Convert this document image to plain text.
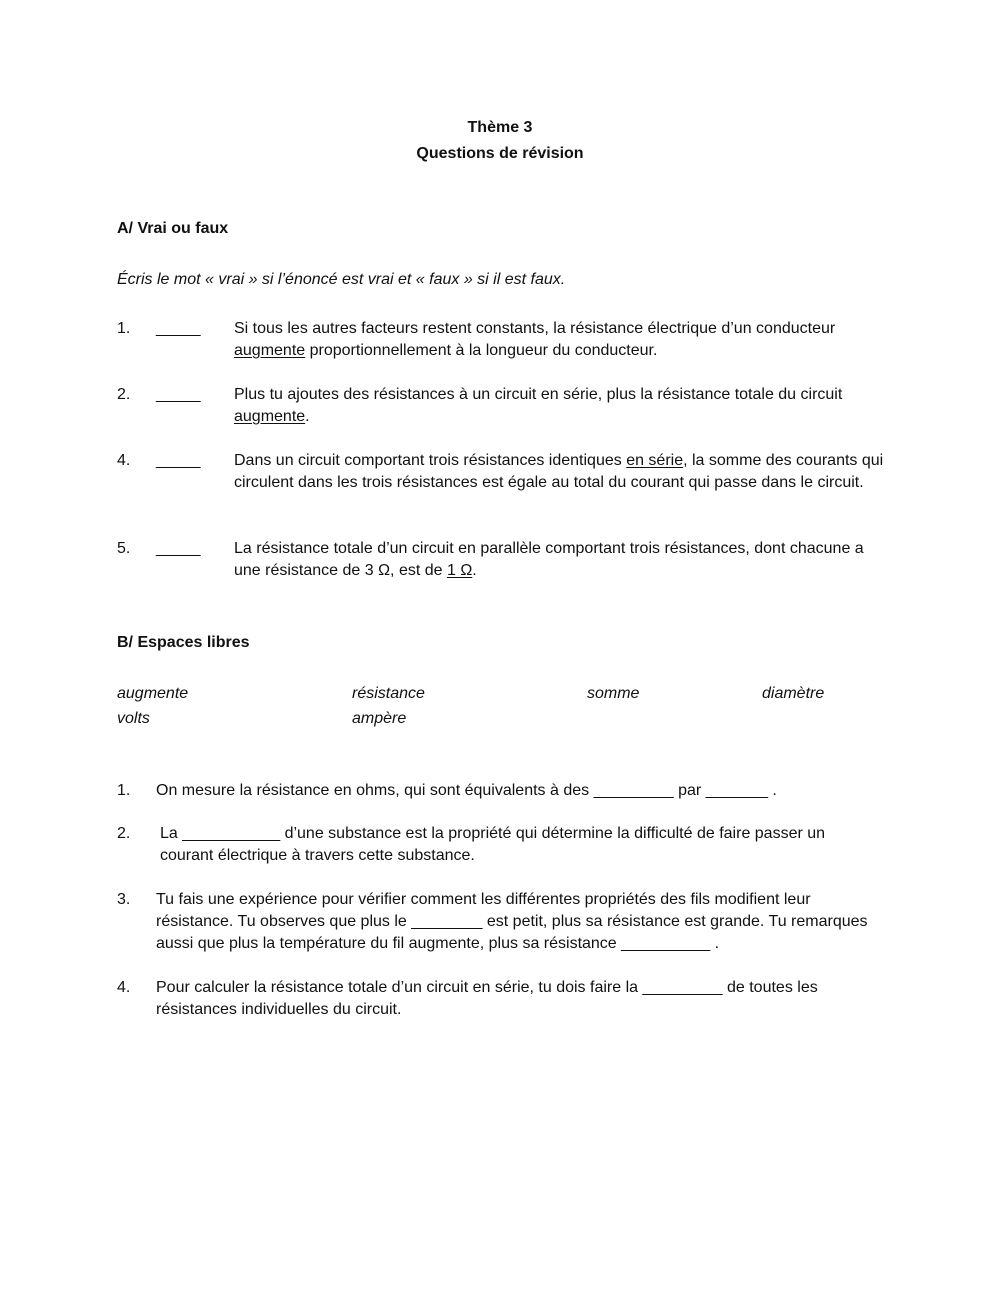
Thème 3
Questions de révision
A/ Vrai ou faux
Écris le mot « vrai » si l’énoncé est vrai et « faux » si il est faux.
1. _____ Si tous les autres facteurs restent constants, la résistance électrique d’un conducteur augmente proportionnellement à la longueur du conducteur.
2. _____ Plus tu ajoutes des résistances à un circuit en série, plus la résistance totale du circuit augmente.
4. _____ Dans un circuit comportant trois résistances identiques en série, la somme des courants qui circulent dans les trois résistances est égale au total du courant qui passe dans le circuit.
5. _____ La résistance totale d’un circuit en parallèle comportant trois résistances, dont chacune a une résistance de 3 Ω, est de 1 Ω.
B/ Espaces libres
augmente	résistance	somme	diamètre
volts	ampère
1. On mesure la résistance en ohms, qui sont équivalents à des _________ par _______ .
2. La ___________ d’une substance est la propriété qui détermine la difficulté de faire passer un courant électrique à travers cette substance.
3. Tu fais une expérience pour vérifier comment les différentes propriétés des fils modifient leur résistance. Tu observes que plus le ________ est petit, plus sa résistance est grande. Tu remarques aussi que plus la température du fil augmente, plus sa résistance __________ .
4. Pour calculer la résistance totale d’un circuit en série, tu dois faire la _________ de toutes les résistances individuelles du circuit.
